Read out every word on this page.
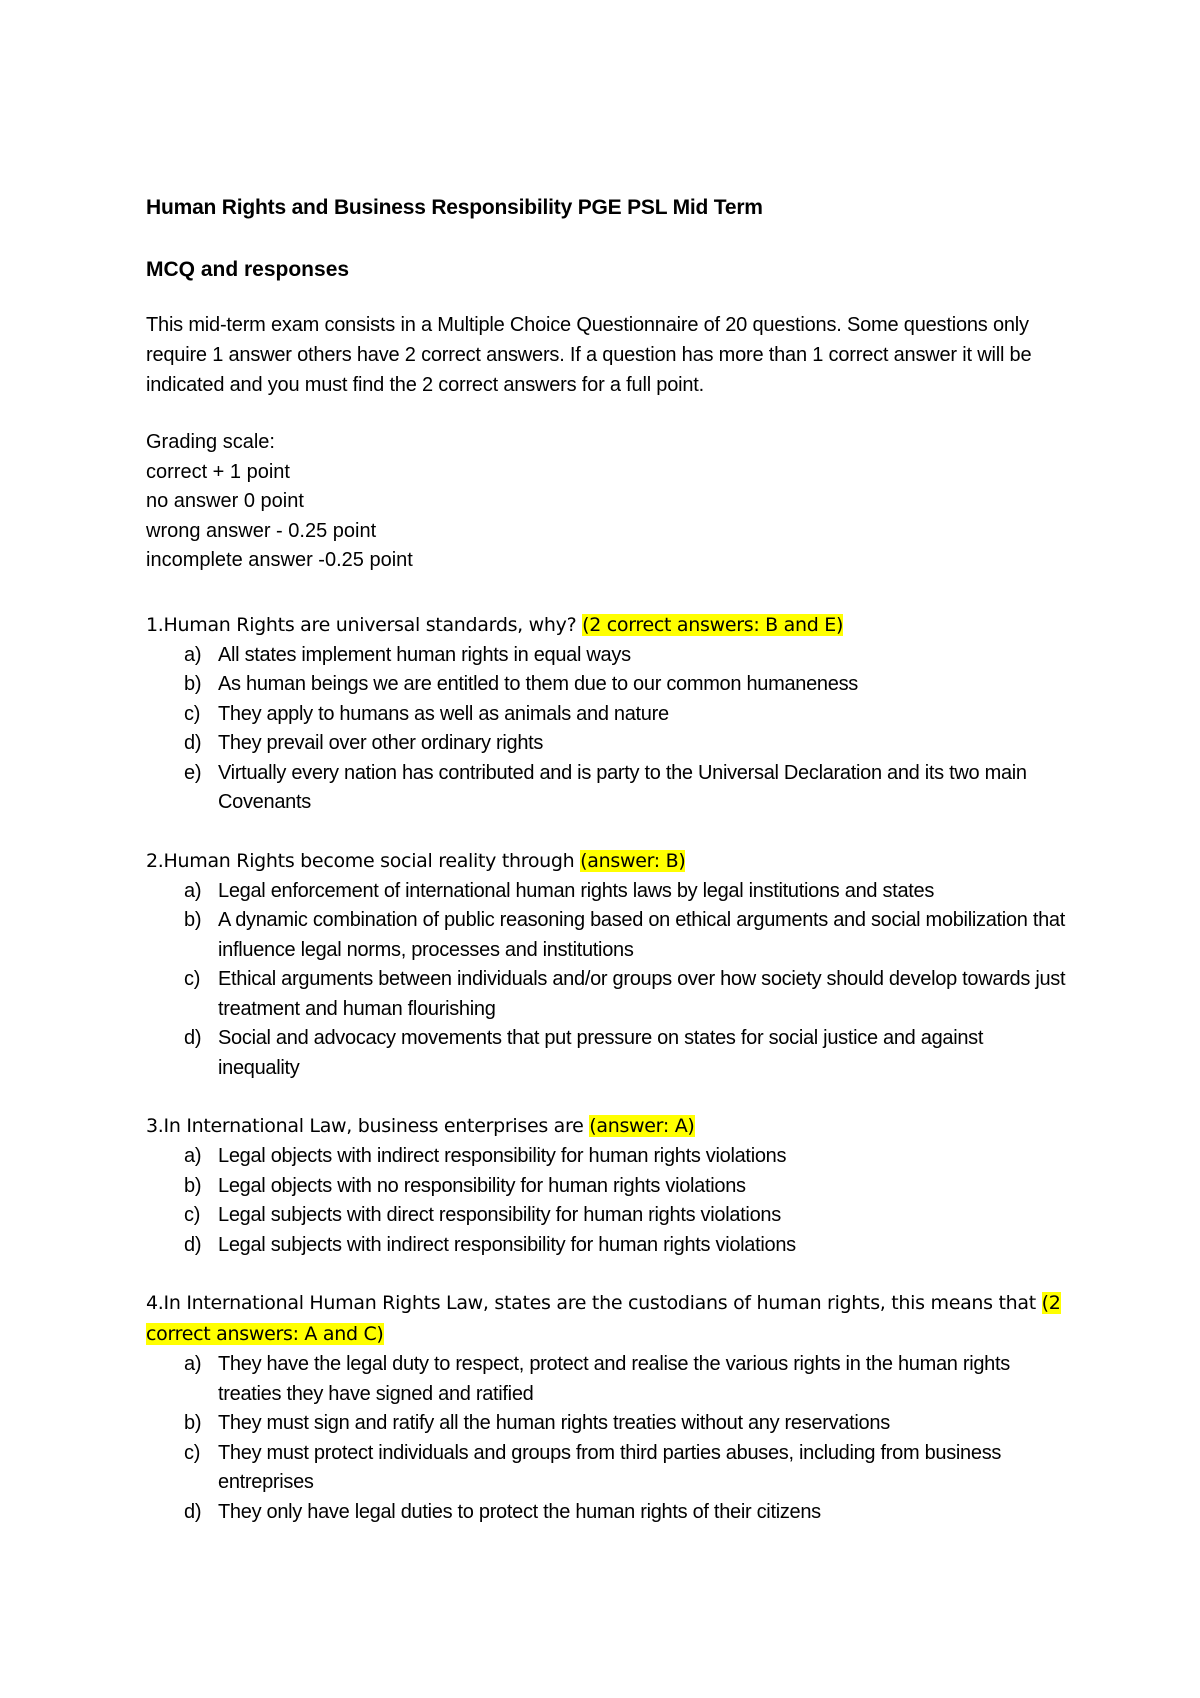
Human Rights and Business Responsibility PGE PSL Mid Term
MCQ and responses

This mid-term exam consists in a Multiple Choice Questionnaire of 20 questions. Some questions only require 1 answer others have 2 correct answers. If a question has more than 1 correct answer it will be indicated and you must find the 2 correct answers for a full point.

Grading scale:
correct + 1 point
no answer 0 point
wrong answer - 0.25 point
incomplete answer -0.25 point
1.Human Rights are universal standards, why? (2 correct answers: B and E)
a) All states implement human rights in equal ways
b) As human beings we are entitled to them due to our common humaneness
c) They apply to humans as well as animals and nature
d) They prevail over other ordinary rights
e) Virtually every nation has contributed and is party to the Universal Declaration and its two main Covenants
2.Human Rights become social reality through (answer: B)
a) Legal enforcement of international human rights laws by legal institutions and states
b) A dynamic combination of public reasoning based on ethical arguments and social mobilization that influence legal norms, processes and institutions
c) Ethical arguments between individuals and/or groups over how society should develop towards just treatment and human flourishing
d) Social and advocacy movements that put pressure on states for social justice and against inequality
3.In International Law, business enterprises are (answer: A)
a) Legal objects with indirect responsibility for human rights violations
b) Legal objects with no responsibility for human rights violations
c) Legal subjects with direct responsibility for human rights violations
d) Legal subjects with indirect responsibility for human rights violations
4.In International Human Rights Law, states are the custodians of human rights, this means that (2 correct answers: A and C)
a) They have the legal duty to respect, protect and realise the various rights in the human rights treaties they have signed and ratified
b) They must sign and ratify all the human rights treaties without any reservations
c) They must protect individuals and groups from third parties abuses, including from business entreprises
d) They only have legal duties to protect the human rights of their citizens
